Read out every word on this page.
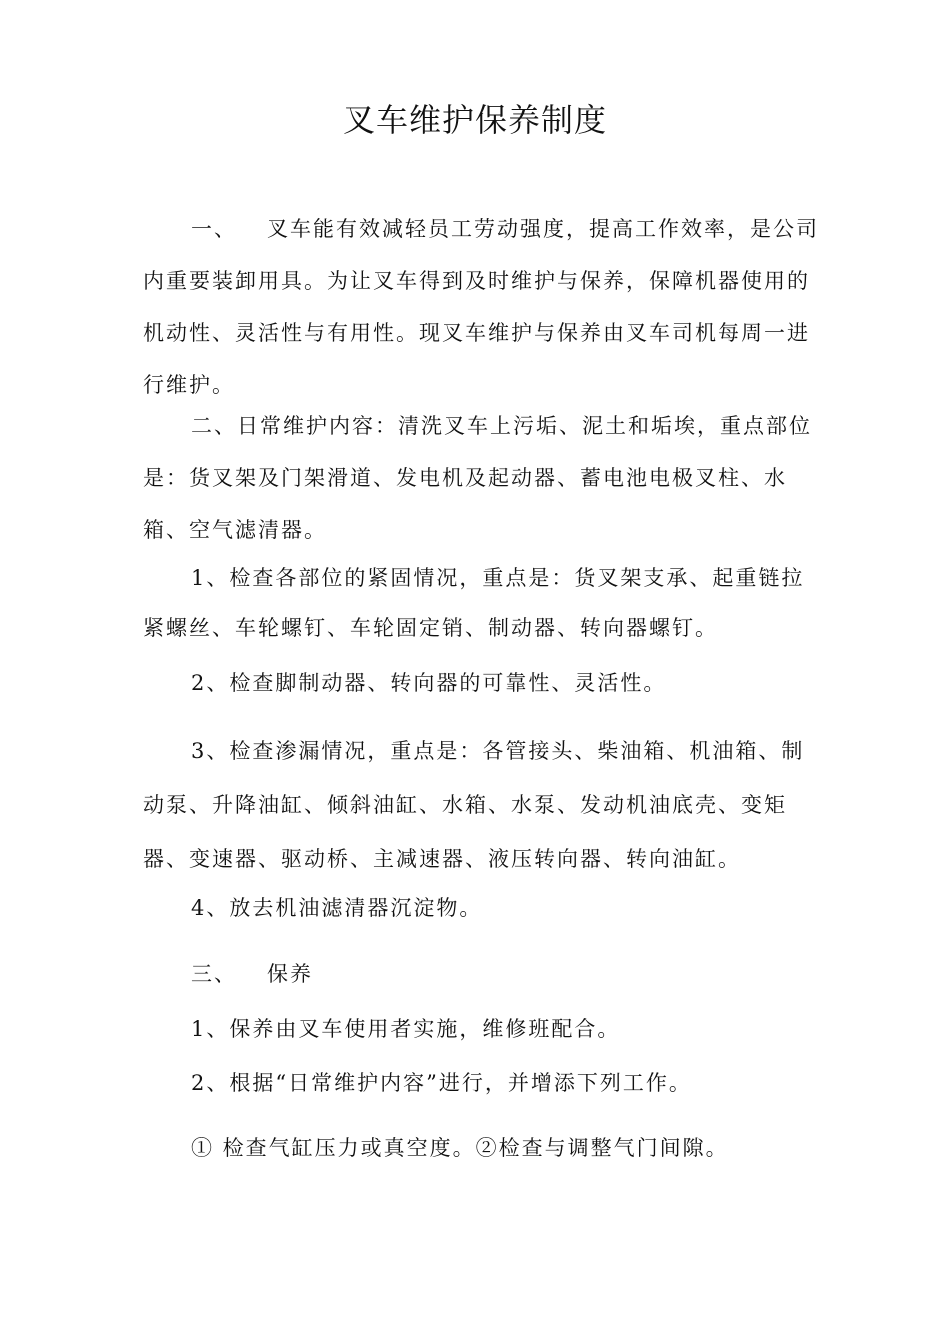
叉车维护保养制度
一、 叉车能有效减轻员工劳动强度，提高工作效率，是公司内重要装卸用具。为让叉车得到及时维护与保养，保障机器使用的机动性、灵活性与有用性。现叉车维护与保养由叉车司机每周一进行维护。
二、日常维护内容：清洗叉车上污垢、泥土和垢埃，重点部位是：货叉架及门架滑道、发电机及起动器、蓄电池电极叉柱、水箱、空气滤清器。
1、检查各部位的紧固情况，重点是：货叉架支承、起重链拉紧螺丝、车轮螺钉、车轮固定销、制动器、转向器螺钉。
2、检查脚制动器、转向器的可靠性、灵活性。
3、检查渗漏情况，重点是：各管接头、柴油箱、机油箱、制动泵、升降油缸、倾斜油缸、水箱、水泵、发动机油底壳、变矩器、变速器、驱动桥、主减速器、液压转向器、转向油缸。
4、放去机油滤清器沉淀物。
三、 保养
1、保养由叉车使用者实施，维修班配合。
2、根据“日常维护内容”进行，并增添下列工作。
① 检查气缸压力或真空度。②检查与调整气门间隙。
